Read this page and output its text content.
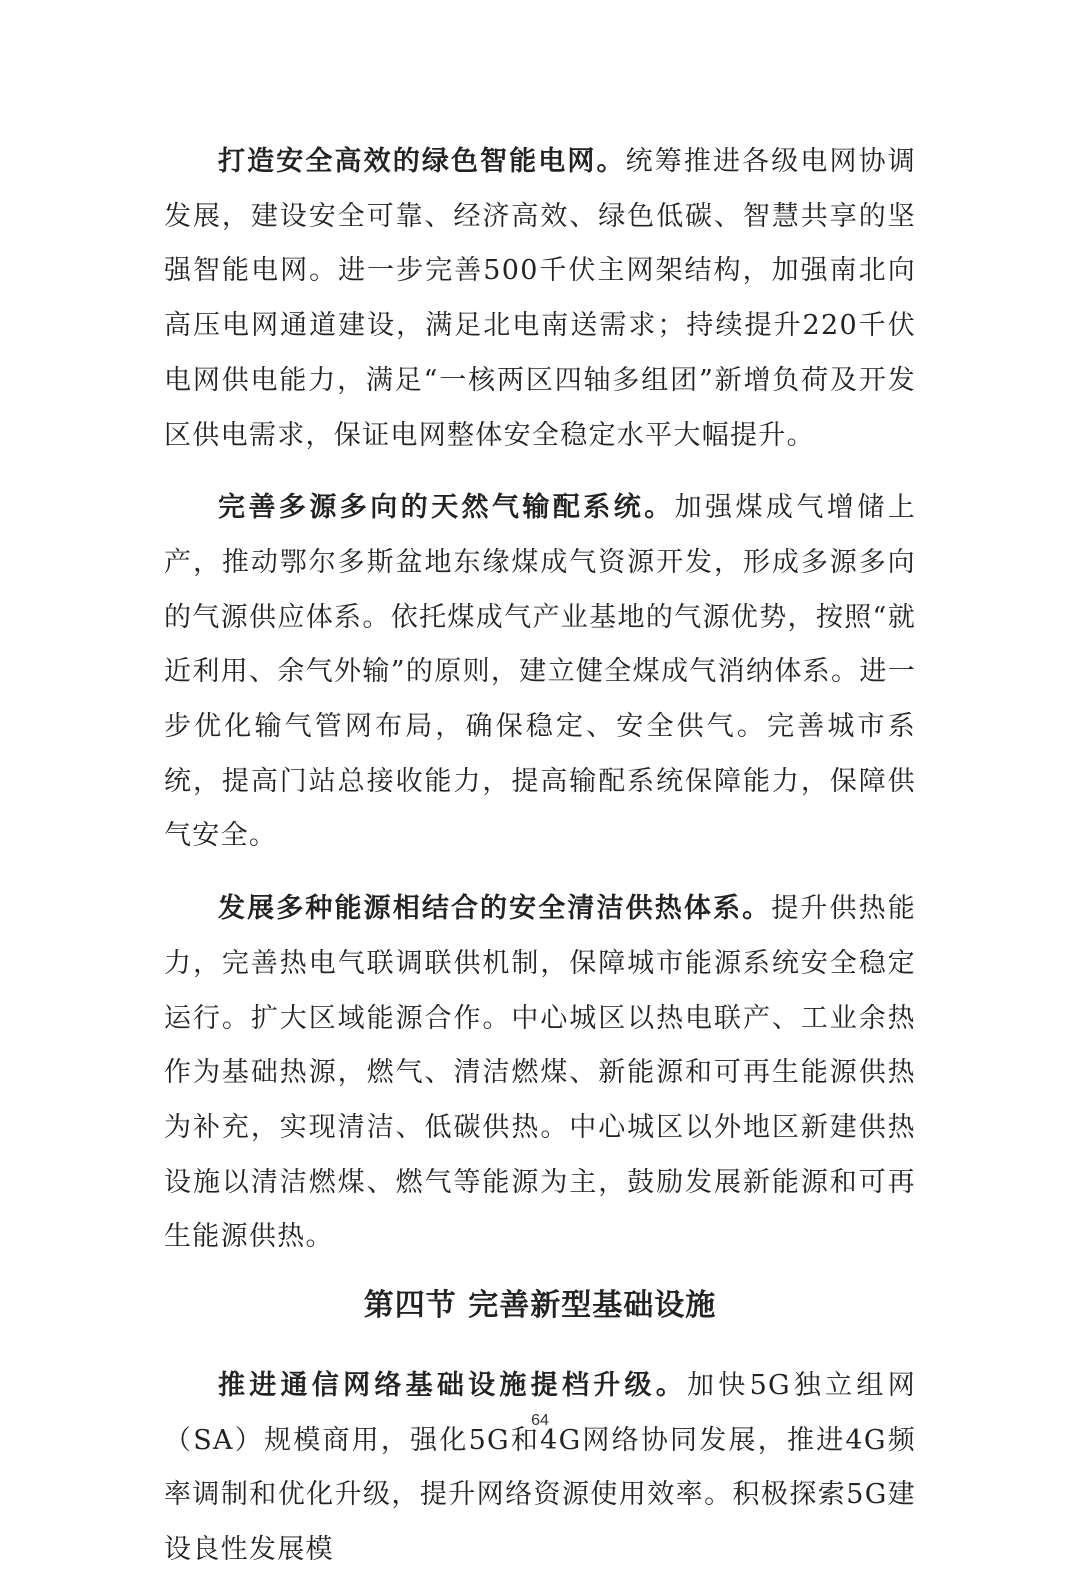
打造安全高效的绿色智能电网。统筹推进各级电网协调发展，建设安全可靠、经济高效、绿色低碳、智慧共享的坚强智能电网。进一步完善500千伏主网架结构，加强南北向高压电网通道建设，满足北电南送需求；持续提升220千伏电网供电能力，满足“一核两区四轴多组团”新增负荷及开发区供电需求，保证电网整体安全稳定水平大幅提升。

完善多源多向的天然气输配系统。加强煤成气增储上产，推动鄂尔多斯盆地东缘煤成气资源开发，形成多源多向的气源供应体系。依托煤成气产业基地的气源优势，按照“就近利用、余气外输”的原则，建立健全煤成气消纳体系。进一步优化输气管网布局，确保稳定、安全供气。完善城市系统，提高门站总接收能力，提高输配系统保障能力，保障供气安全。

发展多种能源相结合的安全清洁供热体系。提升供热能力，完善热电气联调联供机制，保障城市能源系统安全稳定运行。扩大区域能源合作。中心城区以热电联产、工业余热作为基础热源，燃气、清洁燃煤、新能源和可再生能源供热为补充，实现清洁、低碳供热。中心城区以外地区新建供热设施以清洁燃煤、燃气等能源为主，鼓励发展新能源和可再生能源供热。

第四节 完善新型基础设施

推进通信网络基础设施提档升级。加快5G独立组网（SA）规模商用，强化5G和4G网络协同发展，推进4G频率调制和优化升级，提升网络资源使用效率。积极探索5G建设良性发展模

64
